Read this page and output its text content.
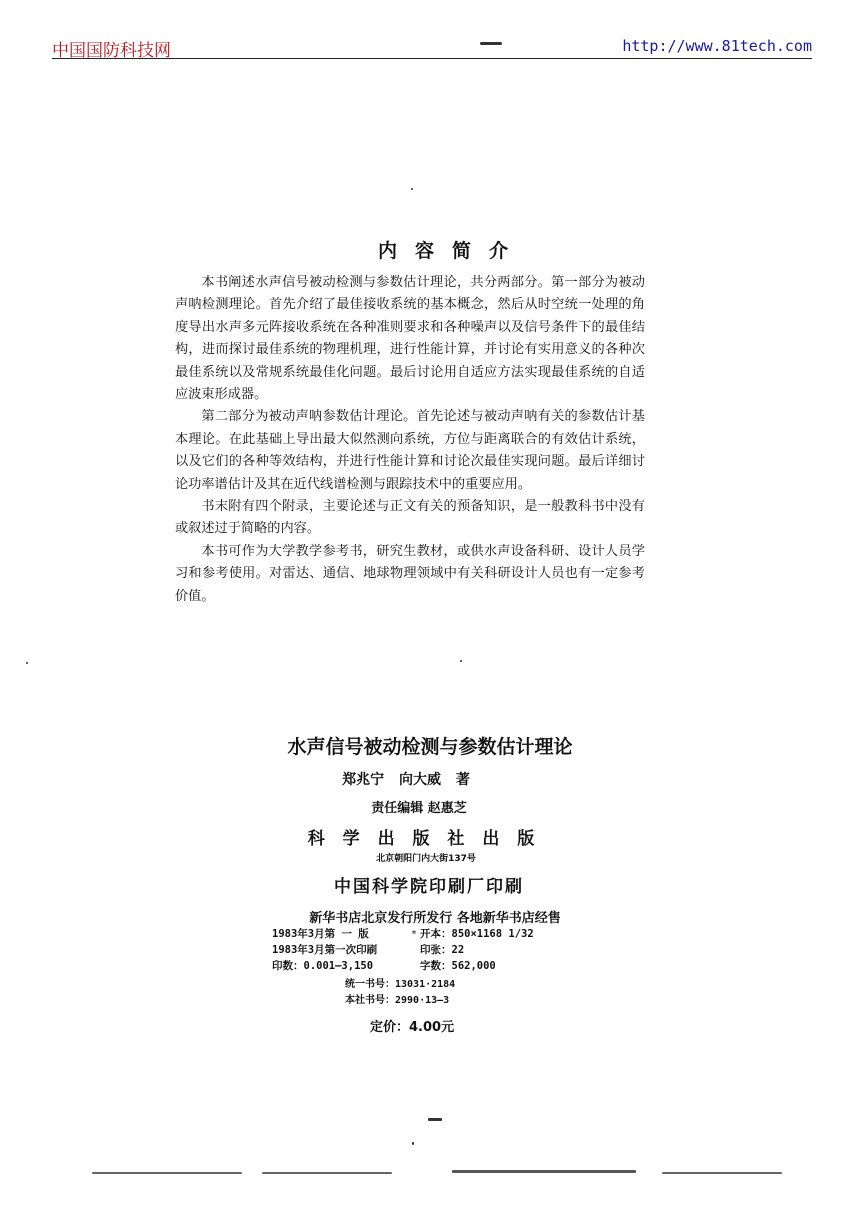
中国国防科技网	http://www.81tech.com
内容简介

本书阐述水声信号被动检测与参数估计理论，共分两部分。第一部分为被动声呐检测理论。首先介绍了最佳接收系统的基本概念，然后从时空统一处理的角度导出水声多元阵接收系统在各种准则要求和各种噪声以及信号条件下的最佳结构，进而探讨最佳系统的物理机理，进行性能计算，并讨论有实用意义的各种次最佳系统以及常规系统最佳化问题。最后讨论用自适应方法实现最佳系统的自适应波束形成器。

第二部分为被动声呐参数估计理论。首先论述与被动声呐有关的参数估计基本理论。在此基础上导出最大似然测向系统，方位与距离联合的有效估计系统，以及它们的各种等效结构，并进行性能计算和讨论次最佳实现问题。最后详细讨论功率谱估计及其在近代线谱检测与跟踪技术中的重要应用。

书末附有四个附录，主要论述与正文有关的预备知识，是一般教科书中没有或叙述过于简略的内容。

本书可作为大学教学参考书，研究生教材，或供水声设备科研、设计人员学习和参考使用。对雷达、通信、地球物理领域中有关科研设计人员也有一定参考价值。

水声信号被动检测与参数估计理论
郑兆宁 向大威 著
责任编辑 赵惠芝
科 学 出 版 社 出 版
北京朝阳门内大街137号
中国科学院印刷厂印刷
新华书店北京发行所发行 各地新华书店经售
*
1983年3月第 一 版	开本：850×1168 1/32
1983年3月第一次印刷	印张：22
印数：0.001—3,150	字数：562,000
统一书号：13031·2184
本社书号：2990·13—3
定价：4.00元
